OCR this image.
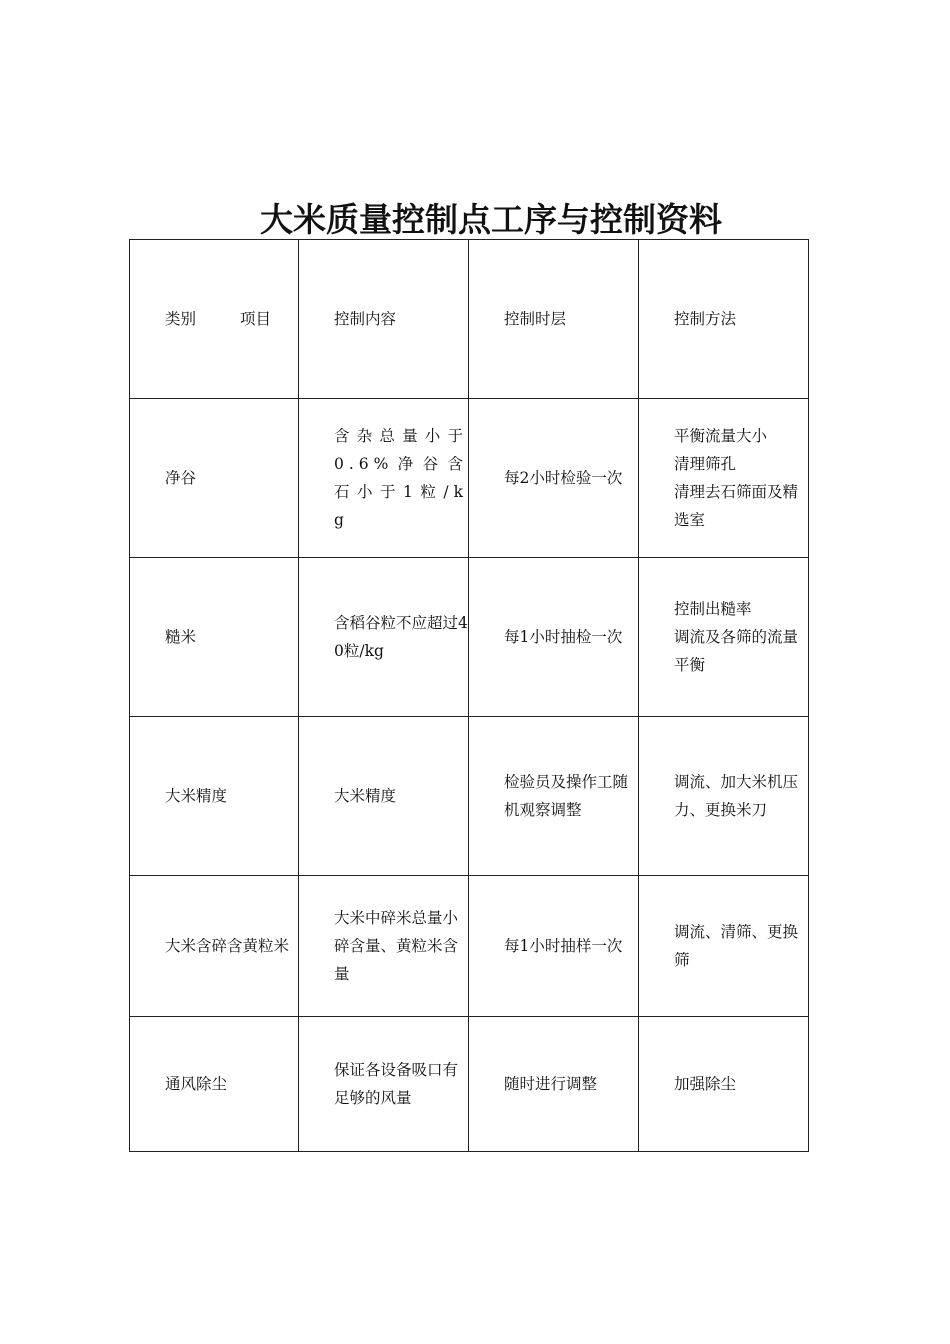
大米质量控制点工序与控制资料
类别 项目	控制内容	控制时层	控制方法

净谷	含杂总量小于0.6%净谷含石小于1粒/kg	每2小时检验一次	平衡流量大小
清理筛孔
清理去石筛面及精选室

糙米	含稻谷粒不应超过40粒/kg	每1小时抽检一次	控制出糙率
调流及各筛的流量平衡

大米精度	大米精度	检验员及操作工随机观察调整	调流、加大米机压力、更换米刀

大米含碎含黄粒米	大米中碎米总量小碎含量、黄粒米含量	每1小时抽样一次	调流、清筛、更换筛

通风除尘	保证各设备吸口有足够的风量	随时进行调整	加强除尘
